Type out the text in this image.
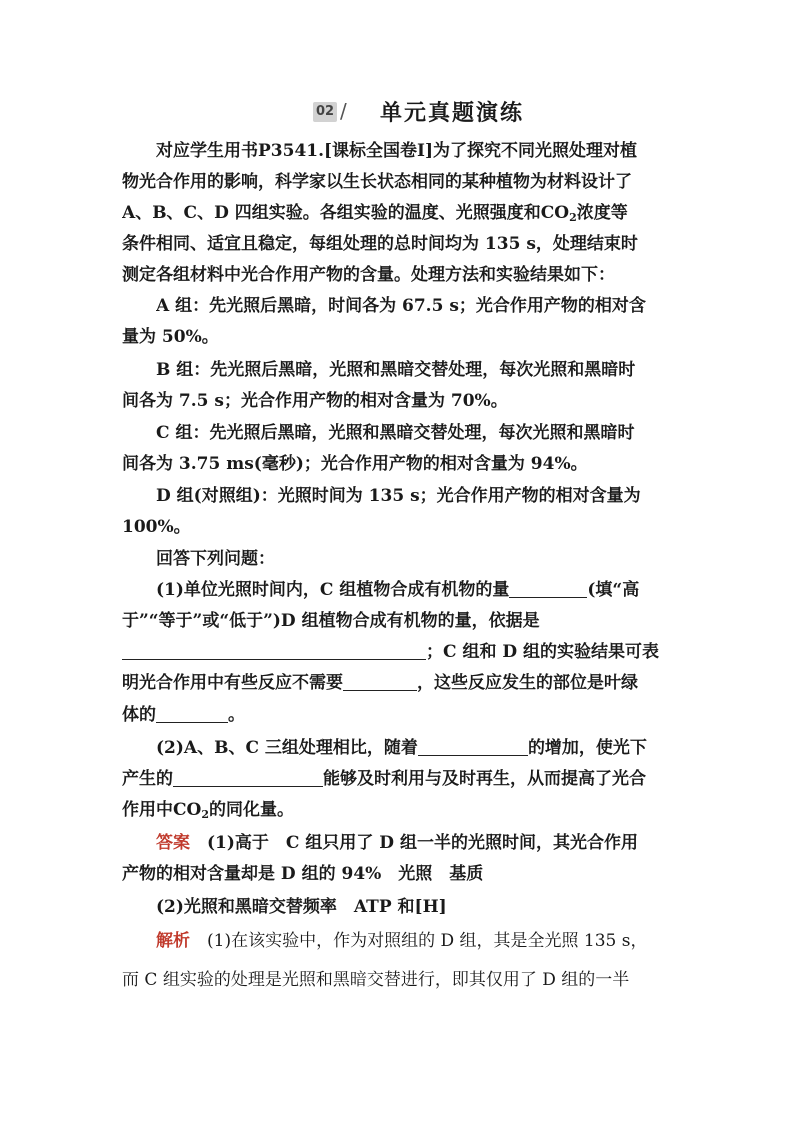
02 / 单元真题演练
对应学生用书P3541.[课标全国卷Ⅰ]为了探究不同光照处理对植
物光合作用的影响，科学家以生长状态相同的某种植物为材料设计了
A、B、C、D 四组实验。各组实验的温度、光照强度和$CO_2$浓度等
条件相同、适宜且稳定，每组处理的总时间均为 135 s，处理结束时
测定各组材料中光合作用产物的含量。处理方法和实验结果如下：
A 组：先光照后黑暗，时间各为 67.5 s；光合作用产物的相对含
量为 50%。
B 组：先光照后黑暗，光照和黑暗交替处理，每次光照和黑暗时
间各为 7.5 s；光合作用产物的相对含量为 70%。
C 组：先光照后黑暗，光照和黑暗交替处理，每次光照和黑暗时
间各为 3.75 ms(毫秒)；光合作用产物的相对含量为 94%。
D 组(对照组)：光照时间为 135 s；光合作用产物的相对含量为
100%。
回答下列问题：
(1)单位光照时间内，C 组植物合成有机物的量	(填“高
于”“等于”或“低于”)D 组植物合成有机物的量，依据是
；C 组和 D 组的实验结果可表
明光合作用中有些反应不需要	，这些反应发生的部位是叶绿
体的	。
(2)A、B、C 三组处理相比，随着	的增加，使光下
产生的	能够及时利用与及时再生，从而提高了光合
作用中$CO_2$的同化量。
答案　 (1)高于　C 组只用了 D 组一半的光照时间，其光合作用
产物的相对含量却是 D 组的 94%　光照　基质
(2)光照和黑暗交替频率　ATP 和[H]
解析　 (1)在该实验中，作为对照组的 D 组，其是全光照 135 s，
而 C 组实验的处理是光照和黑暗交替进行，即其仅用了 D 组的一半
